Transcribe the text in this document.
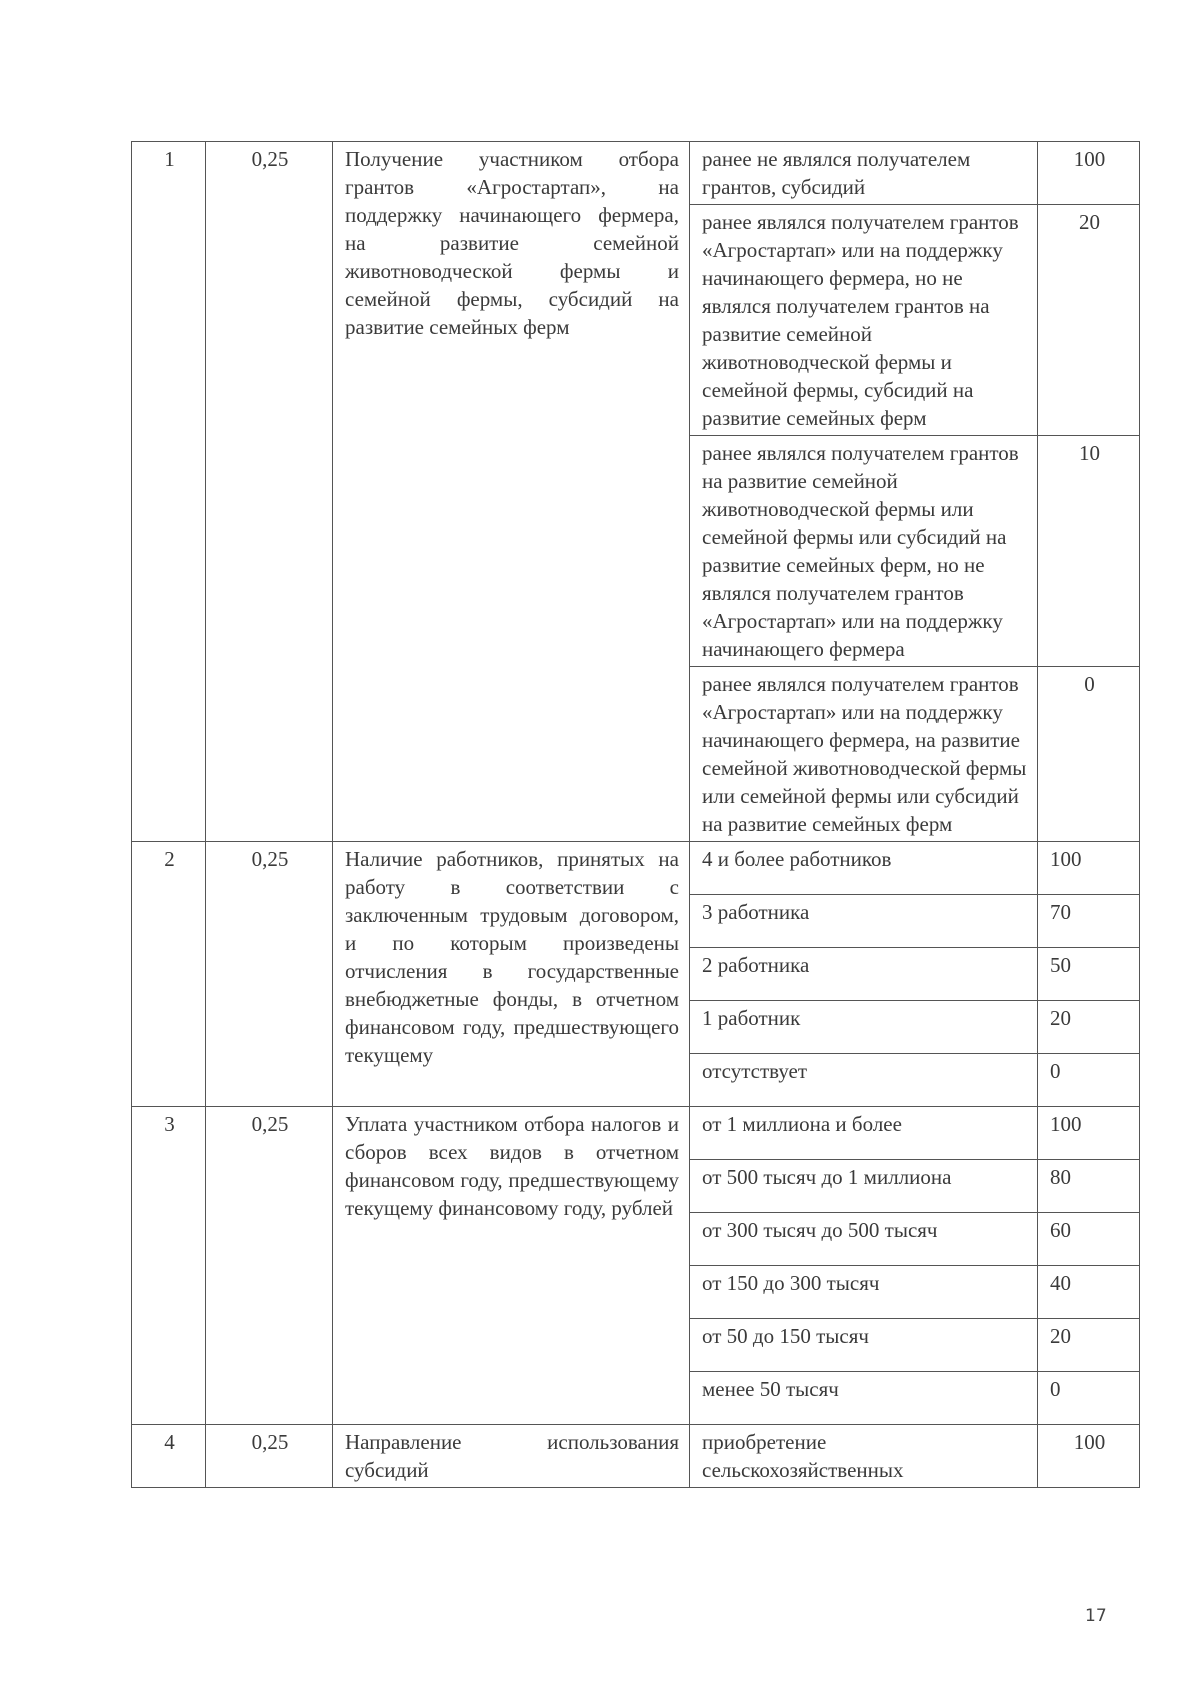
1	0,25	Получение участником отбора грантов «Агростартап», на поддержку начинающего фермера, на развитие семейной животноводческой фермы и семейной фермы, субсидий на развитие семейных ферм	ранее не являлся получателем грантов, субсидий	100
			ранее являлся получателем грантов «Агростартап» или на поддержку начинающего фермера, но не являлся получателем грантов на развитие семейной животноводческой фермы и семейной фермы, субсидий на развитие семейных ферм	20
			ранее являлся получателем грантов на развитие семейной животноводческой фермы или семейной фермы или субсидий на развитие семейных ферм, но не являлся получателем грантов «Агростартап» или на поддержку начинающего фермера	10
			ранее являлся получателем грантов «Агростартап» или на поддержку начинающего фермера, на развитие семейной животноводческой фермы или семейной фермы или субсидий на развитие семейных ферм	0
2	0,25	Наличие работников, принятых на работу в соответствии с заключенным трудовым договором, и по которым произведены отчисления в государственные внебюджетные фонды, в отчетном финансовом году, предшествующего текущему	4 и более работников	100
			3 работника	70
			2 работника	50
			1 работник	20
			отсутствует	0
3	0,25	Уплата участником отбора налогов и сборов всех видов в отчетном финансовом году, предшествующему текущему финансовому году, рублей	от 1 миллиона и более	100
			от 500 тысяч до 1 миллиона	80
			от 300 тысяч до 500 тысяч	60
			от 150 до 300 тысяч	40
			от 50 до 150 тысяч	20
			менее 50 тысяч	0
4	0,25	Направление использования субсидий	приобретение сельскохозяйственных	100
17
